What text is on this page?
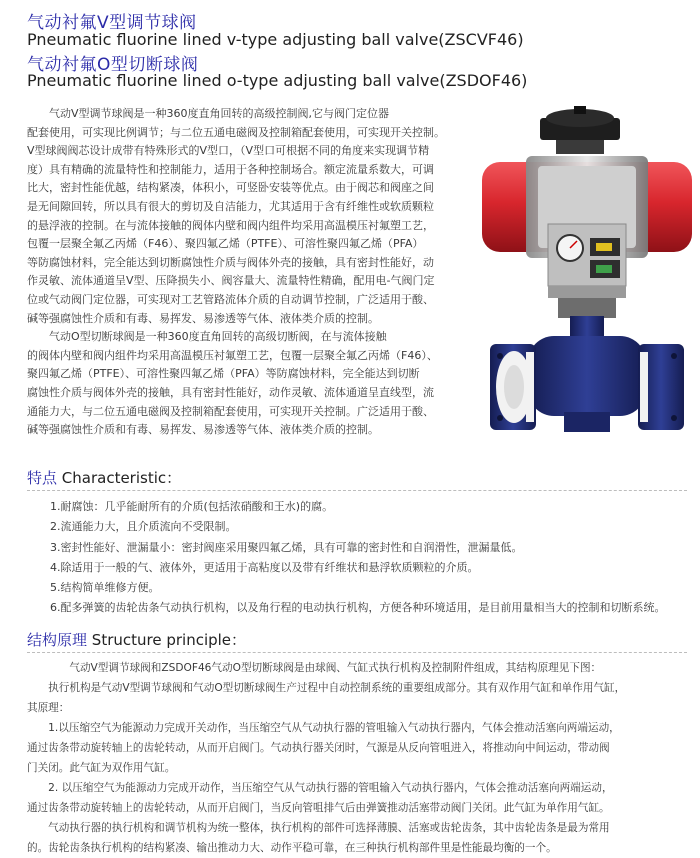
气动衬氟V型调节球阀
Pneumatic fluorine lined v-type adjusting ball valve(ZSCVF46)
气动衬氟O型切断球阀
Pneumatic fluorine lined o-type adjusting ball valve(ZSDOF46)
　　气动V型调节球阀是一种360度直角回转的高级控制阀,它与阀门定位器
配套使用，可实现比例调节；与二位五通电磁阀及控制箱配套使用，可实现开关控制。
V型球阀阀芯设计成带有特殊形式的V型口，（V型口可根据不同的角度来实现调节精
度）具有精确的流量特性和控制能力，适用于各种控制场合。额定流量系数大，可调
比大，密封性能优越，结构紧凑，体积小，可竖卧安装等优点。由于阀芯和阀座之间
是无间隙回转，所以具有很大的剪切及自洁能力，尤其适用于含有纤维性或软质颗粒
的悬浮液的控制。在与流体接触的阀体内壁和阀内组件均采用高温模压衬氟塑工艺，
包覆一层聚全氟乙丙烯（F46）、聚四氟乙烯（PTFE）、可溶性聚四氟乙烯（PFA）
等防腐蚀材料，完全能达到切断腐蚀性介质与阀体外壳的接触，具有密封性能好，动
作灵敏、流体通道呈V型、压降损失小、阀容量大、流量特性精确，配用电-气阀门定
位或气动阀门定位器，可实现对工艺管路流体介质的自动调节控制，广泛适用于酸、
碱等强腐蚀性介质和有毒、易挥发、易渗透等气体、液体类介质的控制。
　　气动O型切断球阀是一种360度直角回转的高级切断阀，在与流体接触
的阀体内壁和阀内组件均采用高温模压衬氟塑工艺，包覆一层聚全氟乙丙烯（F46）、
聚四氟乙烯（PTFE）、可溶性聚四氟乙烯（PFA）等防腐蚀材料，完全能达到切断
腐蚀性介质与阀体外壳的接触，具有密封性能好，动作灵敏、流体通道呈直线型，流
通能力大，与二位五通电磁阀及控制箱配套使用，可实现开关控制。广泛适用于酸、
碱等强腐蚀性介质和有毒、易挥发、易渗透等气体、液体类介质的控制。
特点 Characteristic：
1.耐腐蚀：几乎能耐所有的介质(包括浓硝酸和王水)的腐。
2.流通能力大，且介质流向不受限制。
3.密封性能好、泄漏量小：密封阀座采用聚四氟乙烯，具有可靠的密封性和自润滑性，泄漏量低。
4.除适用于一般的气、液体外，更适用于高粘度以及带有纤维状和悬浮软质颗粒的介质。
5.结构简单维修方便。
6.配多弹簧的齿轮齿条气动执行机构，以及角行程的电动执行机构，方便各种环境适用，是目前用量相当大的控制和切断系统。
结构原理 Structure principle：
　　　　气动V型调节球阀和ZSDOF46气动O型切断球阀是由球阀、气缸式执行机构及控制附件组成，其结构原理见下图：
　　执行机构是气动V型调节球阀和气动O型切断球阀生产过程中自动控制系统的重要组成部分。其有双作用气缸和单作用气缸，
其原理：
　　1.以压缩空气为能源动力完成开关动作，当压缩空气从气动执行器的管咀输入气动执行器内，气体会推动活塞向两端运动，
通过齿条带动旋转轴上的齿轮转动，从而开启阀门。气动执行器关闭时，气源是从反向管咀进入，将推动向中间运动，带动阀
门关闭。此气缸为双作用气缸。
　　2. 以压缩空气为能源动力完成开动作，当压缩空气从气动执行器的管咀输入气动执行器内，气体会推动活塞向两端运动，
通过齿条带动旋转轴上的齿轮转动，从而开启阀门，当反向管咀排气后由弹簧推动活塞带动阀门关闭。此气缸为单作用气缸。
　　气动执行器的执行机构和调节机构为统一整体，执行机构的部件可选择薄膜、活塞或齿轮齿条，其中齿轮齿条是最为常用
的。齿轮齿条执行机构的结构紧凑、输出推动力大、动作平稳可靠，在三种执行机构部件里是性能最均衡的一个。
